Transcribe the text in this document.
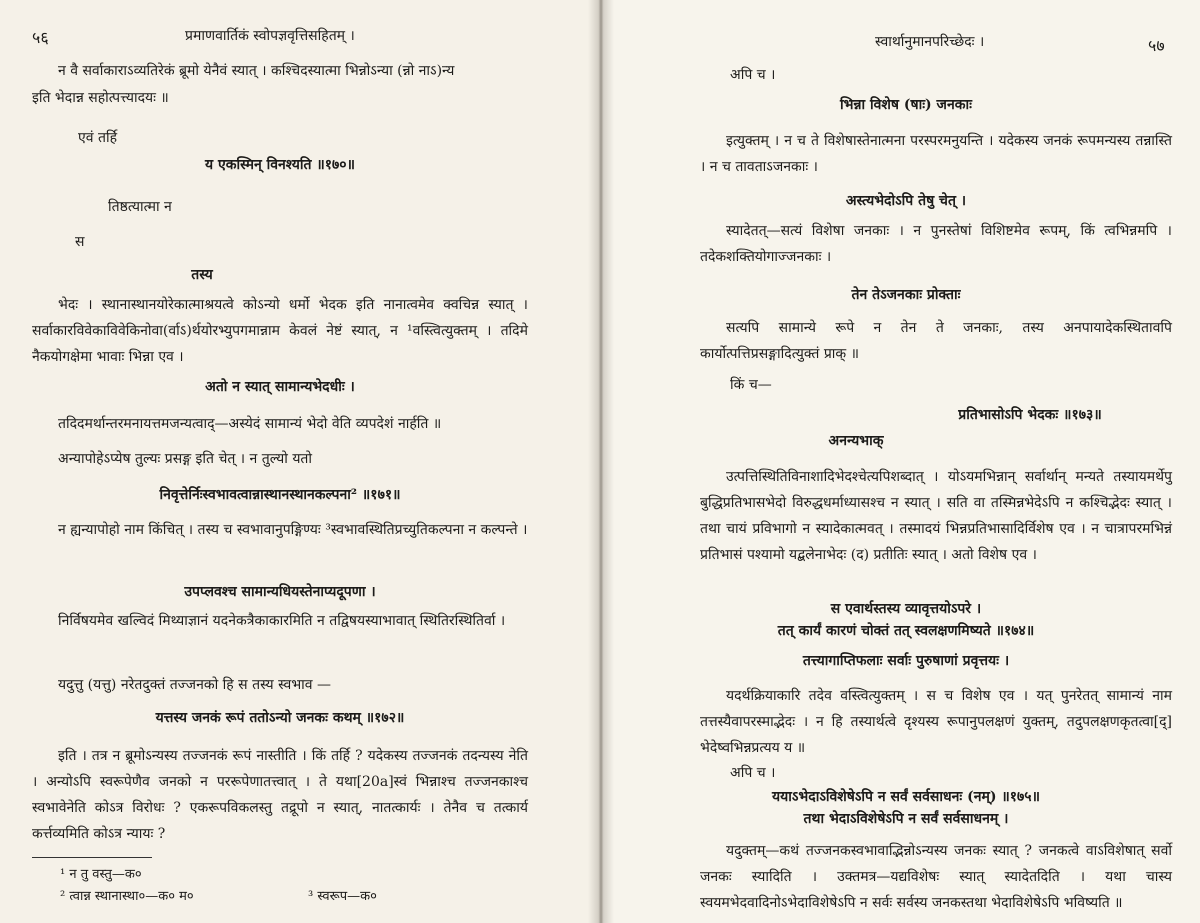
५६	प्रमाणवार्तिकं स्वोपज्ञवृत्तिसहितम् ।
न वै सर्वाकाराऽव्यतिरेकं ब्रूमो येनैवं स्यात् । कश्चिदस्यात्मा भिन्नोऽन्या (न्नो नाऽ)न्य
इति भेदान्न सहोत्पत्त्यादयः ॥
एवं तर्हि
य एकस्मिन् विनश्यति ॥१७०॥
तिष्ठत्यात्मा न
स
तस्य
भेदः । स्थानास्थानयोरेकात्माश्रयत्वे कोऽन्यो धर्मो भेदक इति नानात्वमेव क्वचिन्न स्यात् । सर्वाकारविवेकाविवेकिनोवा(र्वाऽ)र्थयोरभ्युपगमान्नाम केवलं नेष्टं स्यात्, न ¹वस्त्वित्युक्तम् । तदिमे नैकयोगक्षेमा भावाः भिन्ना एव ।
अतो न स्यात् सामान्यभेदधीः ।
तदिदमर्थान्तरमनायत्तमजन्यत्वाद्—अस्येदं सामान्यं भेदो वेति व्यपदेशं नार्हति ॥
अन्यापोहेऽप्येष तुल्यः प्रसङ्ग इति चेत् । न तुल्यो यतो
निवृत्तेर्निःस्वभावत्वान्नास्थानस्थानकल्पना² ॥१७१॥
न ह्यन्यापोहो नाम किंचित् । तस्य च स्वभावानुपङ्गिण्यः ³स्वभावस्थितिप्रच्युतिकल्पना न कल्पन्ते ।
उपप्लवश्च सामान्यधियस्तेनाप्यदूपणा ।
निर्विषयमेव खल्विदं मिथ्याज्ञानं यदनेकत्रैकाकारमिति न तद्विषयस्याभावात् स्थितिरस्थितिर्वा ।
यदुत्तु (यत्तु) नरेतदुक्तं तज्जनको हि स तस्य स्वभाव —
यत्तस्य जनकं रूपं ततोऽन्यो जनकः कथम् ॥१७२॥
इति । तत्र न ब्रूमोऽन्यस्य तज्जनकं रूपं नास्तीति । किं तर्हि ? यदेकस्य तज्जनकं तदन्यस्य नेति । अन्योऽपि स्वरूपेणैव जनको न पररूपेणातत्त्वात् । ते यथा[20a]स्वं भिन्नाश्च तज्जनकाश्च स्वभावेनेति कोऽत्र विरोधः ? एकरूपविकलस्तु तद्रूपो न स्यात्, नातत्कार्यः । तेनैव च तत्कार्य कर्त्तव्यमिति कोऽत्र न्यायः ?
¹ न तु वस्तु—क०
² त्वान्न स्थानास्था०—क० म०	³ स्वरूप—क०
स्वार्थानुमानपरिच्छेदः ।	५७
अपि च ।
भिन्ना विशेष (षाः) जनकाः
इत्युक्तम् । न च ते विशेषास्तेनात्मना परस्परमनुयन्ति । यदेकस्य जनकं रूपमन्यस्य तन्नास्ति । न च तावताऽजनकाः ।
अस्त्यभेदोऽपि तेषु चेत् ।
स्यादेतत्—सत्यं विशेषा जनकाः । न पुनस्तेषां विशिष्टमेव रूपम्, किं त्वभिन्नमपि । तदेकशक्तियोगाज्जनकाः ।
तेन तेऽजनकाः प्रोक्ताः
सत्यपि सामान्ये रूपे न तेन ते जनकाः, तस्य अनपायादेकस्थितावपि कार्योत्पत्तिप्रसङ्गादित्युक्तं प्राक् ॥
किं च—
प्रतिभासोऽपि भेदकः ॥१७३॥
अनन्यभाक्
उत्पत्तिस्थितिविनाशादिभेदश्चेत्यपिशब्दात् । योऽयमभिन्नान् सर्वार्थान् मन्यते तस्यायमर्थेपु बुद्धिप्रतिभासभेदो विरुद्धधर्माध्यासश्च न स्यात् । सति वा तस्मिन्नभेदेऽपि न कश्चिद्भेदः स्यात् । तथा चायं प्रविभागो न स्यादेकात्मवत् । तस्मादयं भिन्नप्रतिभासादिर्विशेष एव । न चात्रापरमभिन्नं प्रतिभासं पश्यामो यद्बलेनाभेदः (द) प्रतीतिः स्यात् । अतो विशेष एव ।
स एवार्थस्तस्य व्यावृत्तयोऽपरे ।
तत् कार्यं कारणं चोक्तं तत् स्वलक्षणमिष्यते ॥१७४॥
तत्त्यागाप्तिफलाः सर्वाः पुरुषाणां प्रवृत्तयः ।
यदर्थक्रियाकारि तदेव वस्त्वित्युक्तम् । स च विशेष एव । यत् पुनरेतत् सामान्यं नाम तत्तस्यैवापरस्माद्भेदः । न हि तस्यार्थत्वे दृश्यस्य रूपानुपलक्षणं युक्तम्, तदुपलक्षणकृतत्वा[द्] भेदेष्वभिन्नप्रत्यय य ॥
अपि च ।
ययाऽभेदाऽविशेषेऽपि न सर्वं सर्वसाधनः (नम्) ॥१७५॥
तथा भेदाऽविशेषेऽपि न सर्वं सर्वसाधनम् ।
यदुक्तम्—कथं तज्जनकस्वभावाद्भिन्नोऽन्यस्य जनकः स्यात् ? जनकत्वे वाऽविशेषात् सर्वो जनकः स्यादिति । उक्तमत्र—यद्यविशेषः स्यात् स्यादेतदिति । यथा चास्य स्वयमभेदवादिनोऽभेदाविशेषेऽपि न सर्वः सर्वस्य जनकस्तथा भेदाविशेषेऽपि भविष्यति ॥
